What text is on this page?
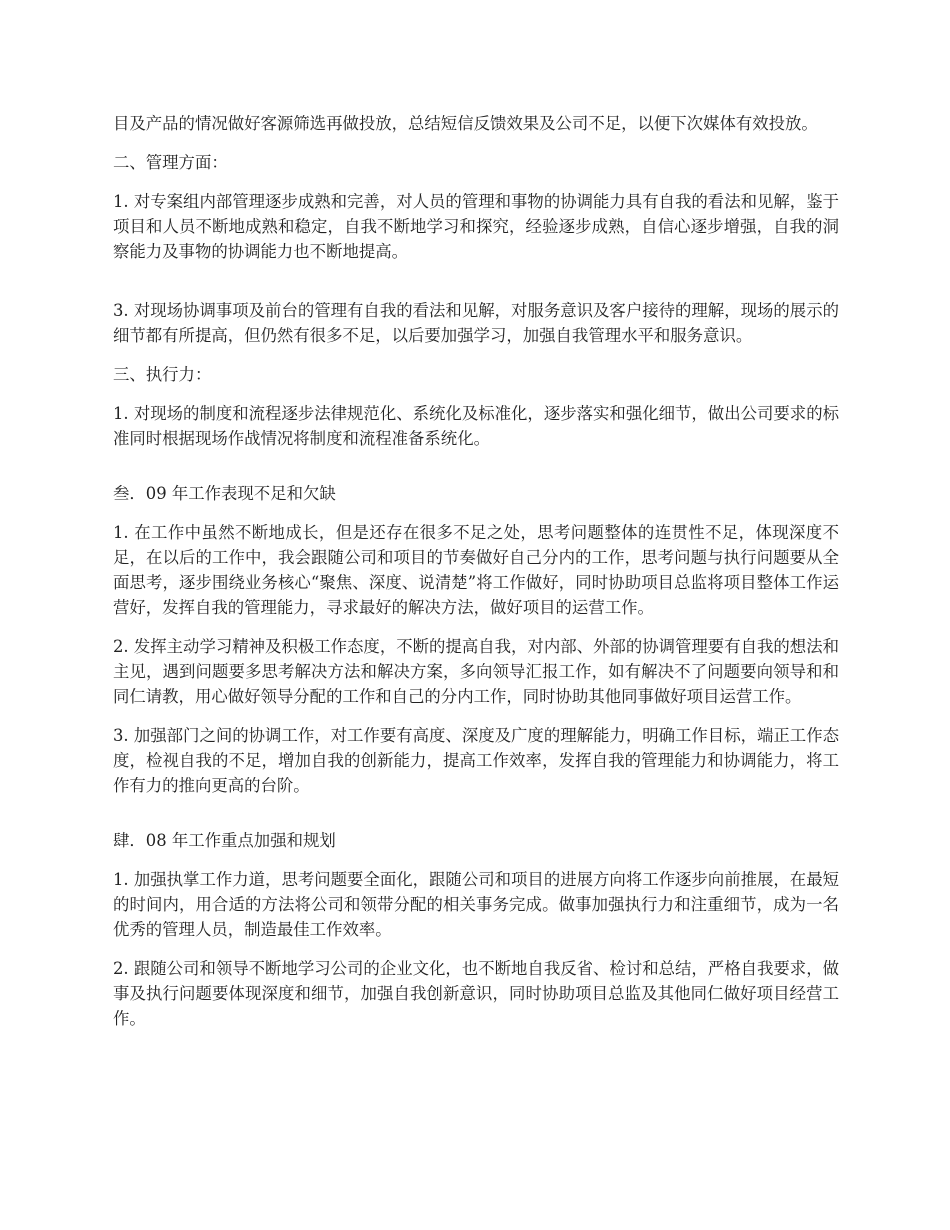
目及产品的情况做好客源筛选再做投放，总结短信反馈效果及公司不足，以便下次媒体有效投放。

二、管理方面：

1. 对专案组内部管理逐步成熟和完善，对人员的管理和事物的协调能力具有自我的看法和见解，鉴于项目和人员不断地成熟和稳定，自我不断地学习和探究，经验逐步成熟，自信心逐步增强，自我的洞察能力及事物的协调能力也不断地提高。

3. 对现场协调事项及前台的管理有自我的看法和见解，对服务意识及客户接待的理解，现场的展示的细节都有所提高，但仍然有很多不足，以后要加强学习，加强自我管理水平和服务意识。

三、执行力：

1. 对现场的制度和流程逐步法律规范化、系统化及标准化，逐步落实和强化细节，做出公司要求的标准同时根据现场作战情况将制度和流程准备系统化。

叁．09 年工作表现不足和欠缺

1. 在工作中虽然不断地成长，但是还存在很多不足之处，思考问题整体的连贯性不足，体现深度不足，在以后的工作中，我会跟随公司和项目的节奏做好自己分内的工作，思考问题与执行问题要从全面思考，逐步围绕业务核心“聚焦、深度、说清楚”将工作做好，同时协助项目总监将项目整体工作运营好，发挥自我的管理能力，寻求最好的解决方法，做好项目的运营工作。

2. 发挥主动学习精神及积极工作态度，不断的提高自我，对内部、外部的协调管理要有自我的想法和主见，遇到问题要多思考解决方法和解决方案，多向领导汇报工作，如有解决不了问题要向领导和和同仁请教，用心做好领导分配的工作和自己的分内工作，同时协助其他同事做好项目运营工作。

3. 加强部门之间的协调工作，对工作要有高度、深度及广度的理解能力，明确工作目标，端正工作态度，检视自我的不足，增加自我的创新能力，提高工作效率，发挥自我的管理能力和协调能力，将工作有力的推向更高的台阶。

肆．08 年工作重点加强和规划

1. 加强执掌工作力道，思考问题要全面化，跟随公司和项目的进展方向将工作逐步向前推展，在最短的时间内，用合适的方法将公司和领带分配的相关事务完成。做事加强执行力和注重细节，成为一名优秀的管理人员，制造最佳工作效率。

2. 跟随公司和领导不断地学习公司的企业文化，也不断地自我反省、检讨和总结，严格自我要求，做事及执行问题要体现深度和细节，加强自我创新意识，同时协助项目总监及其他同仁做好项目经营工作。
